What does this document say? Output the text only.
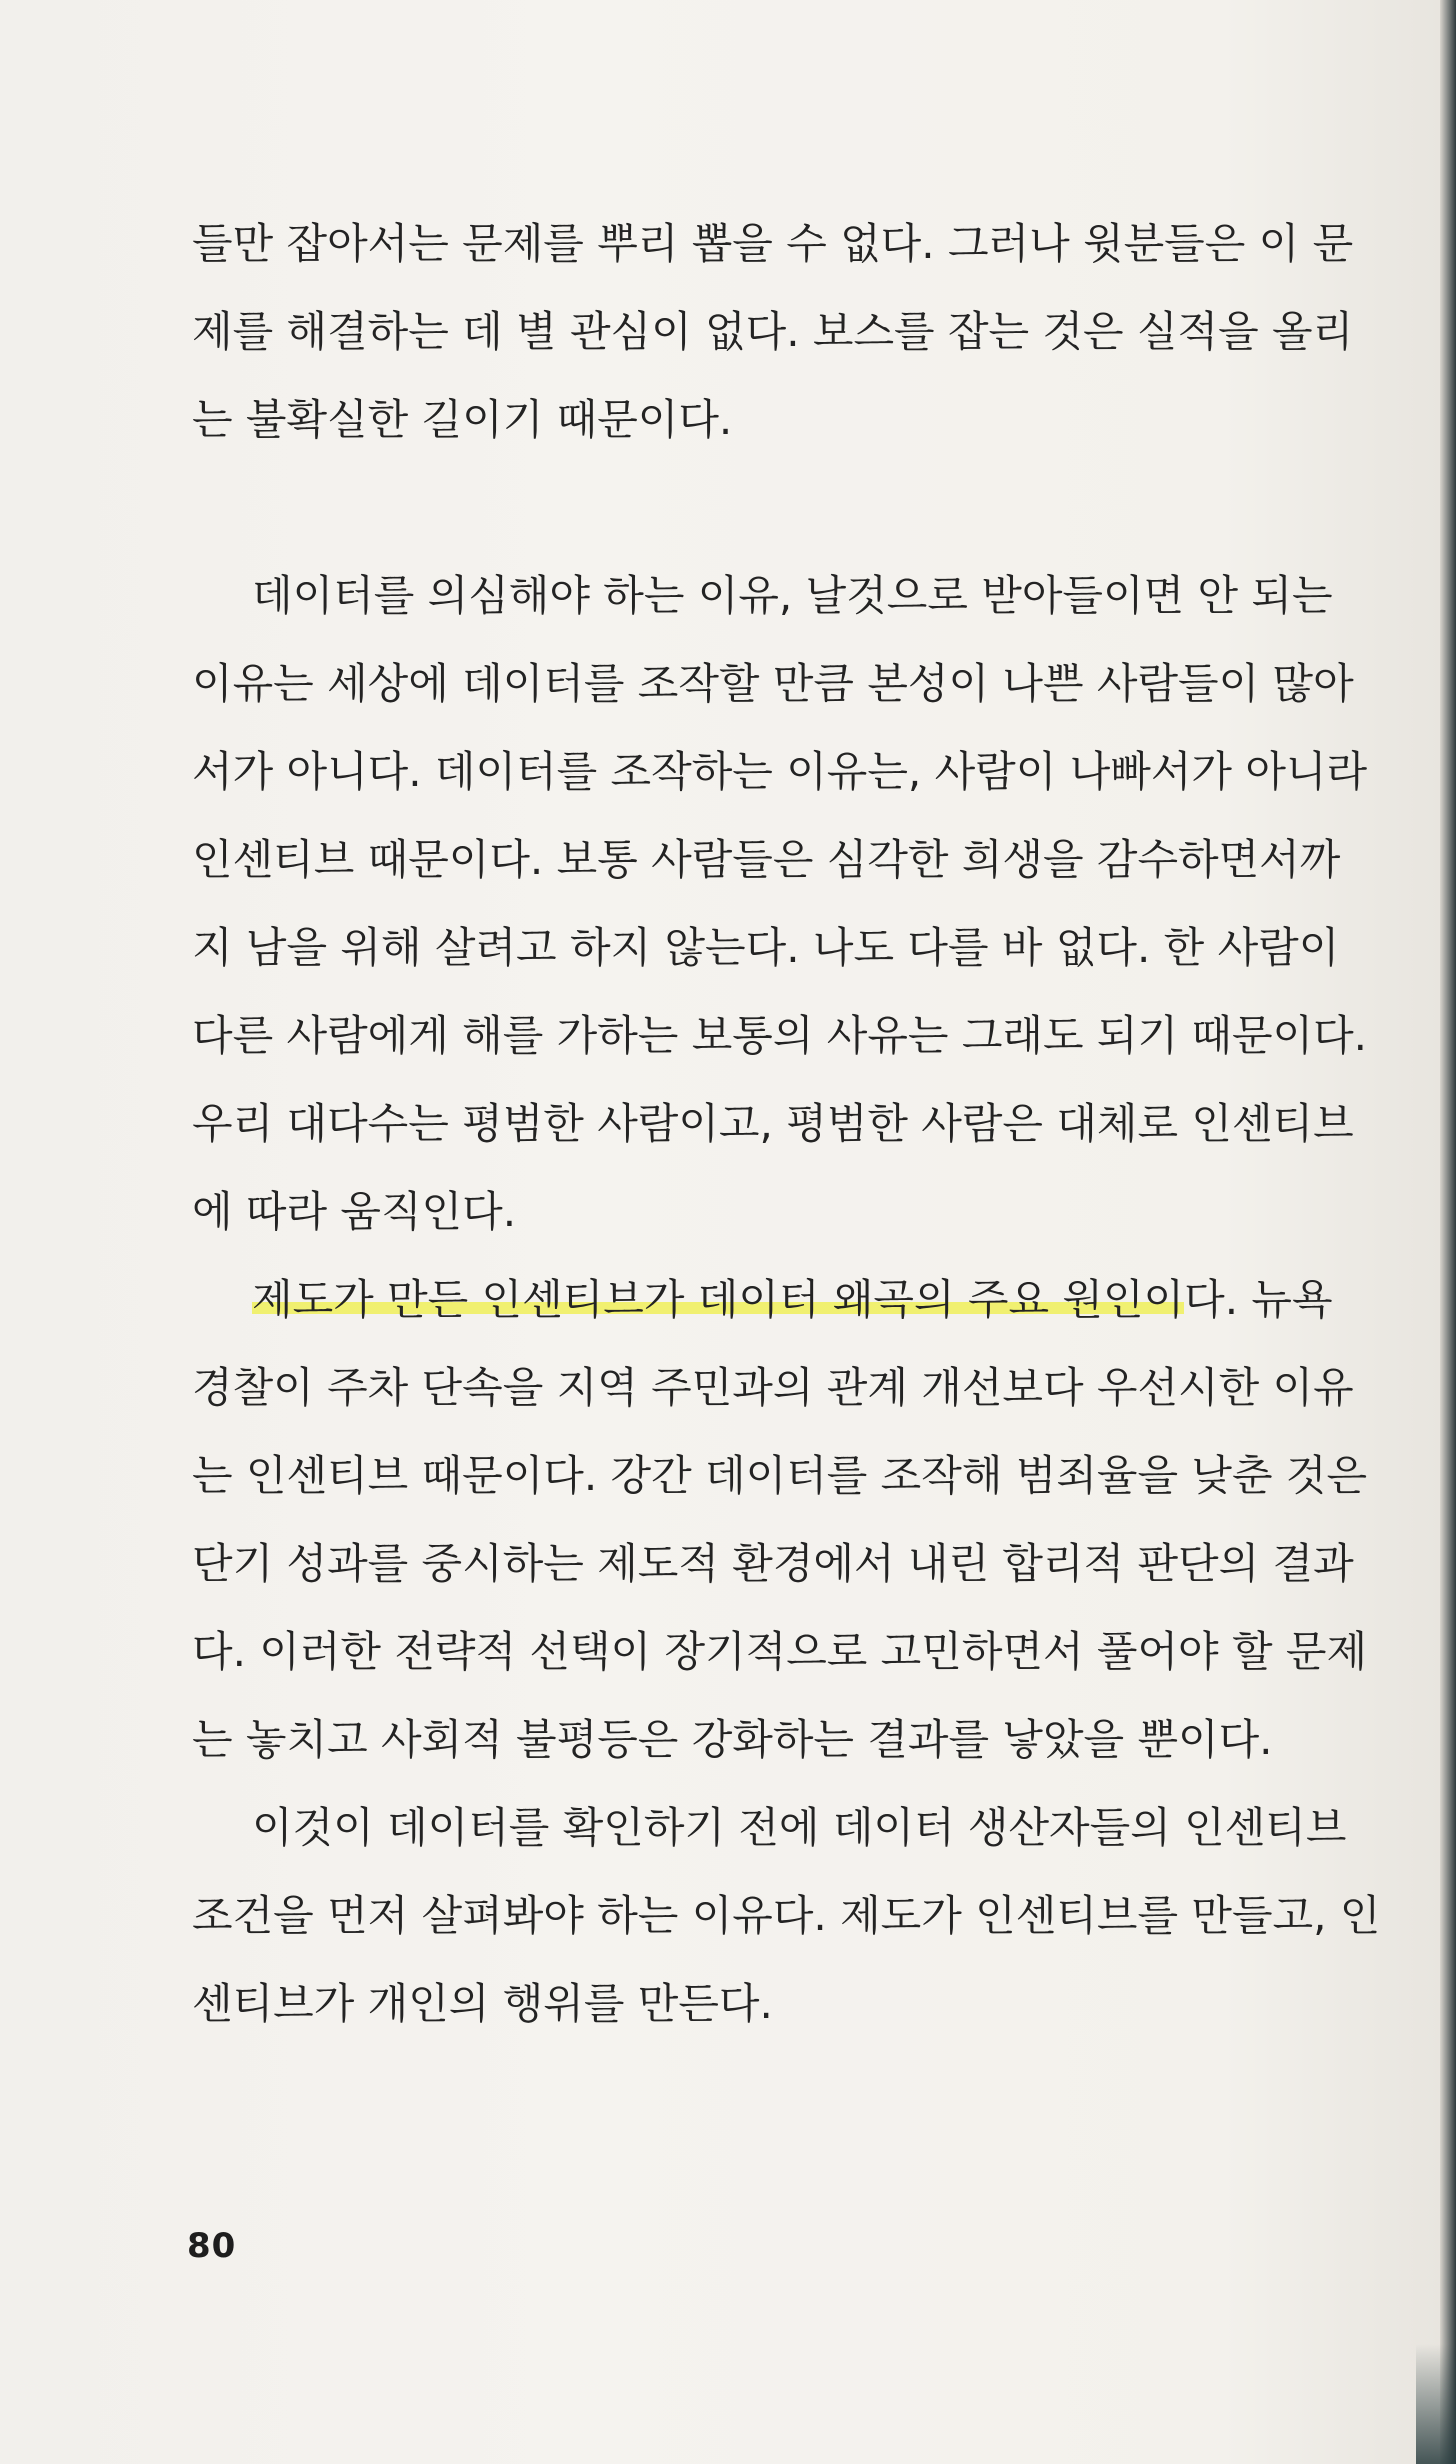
들만 잡아서는 문제를 뿌리 뽑을 수 없다. 그러나 윗분들은 이 문
제를 해결하는 데 별 관심이 없다. 보스를 잡는 것은 실적을 올리
는 불확실한 길이기 때문이다.
데이터를 의심해야 하는 이유, 날것으로 받아들이면 안 되는
이유는 세상에 데이터를 조작할 만큼 본성이 나쁜 사람들이 많아
서가 아니다. 데이터를 조작하는 이유는, 사람이 나빠서가 아니라
인센티브 때문이다. 보통 사람들은 심각한 희생을 감수하면서까
지 남을 위해 살려고 하지 않는다. 나도 다를 바 없다. 한 사람이
다른 사람에게 해를 가하는 보통의 사유는 그래도 되기 때문이다.
우리 대다수는 평범한 사람이고, 평범한 사람은 대체로 인센티브
에 따라 움직인다.
제도가 만든 인센티브가 데이터 왜곡의 주요 원인이다. 뉴욕
경찰이 주차 단속을 지역 주민과의 관계 개선보다 우선시한 이유
는 인센티브 때문이다. 강간 데이터를 조작해 범죄율을 낮춘 것은
단기 성과를 중시하는 제도적 환경에서 내린 합리적 판단의 결과
다. 이러한 전략적 선택이 장기적으로 고민하면서 풀어야 할 문제
는 놓치고 사회적 불평등은 강화하는 결과를 낳았을 뿐이다.
이것이 데이터를 확인하기 전에 데이터 생산자들의 인센티브
조건을 먼저 살펴봐야 하는 이유다. 제도가 인센티브를 만들고, 인
센티브가 개인의 행위를 만든다.
80
